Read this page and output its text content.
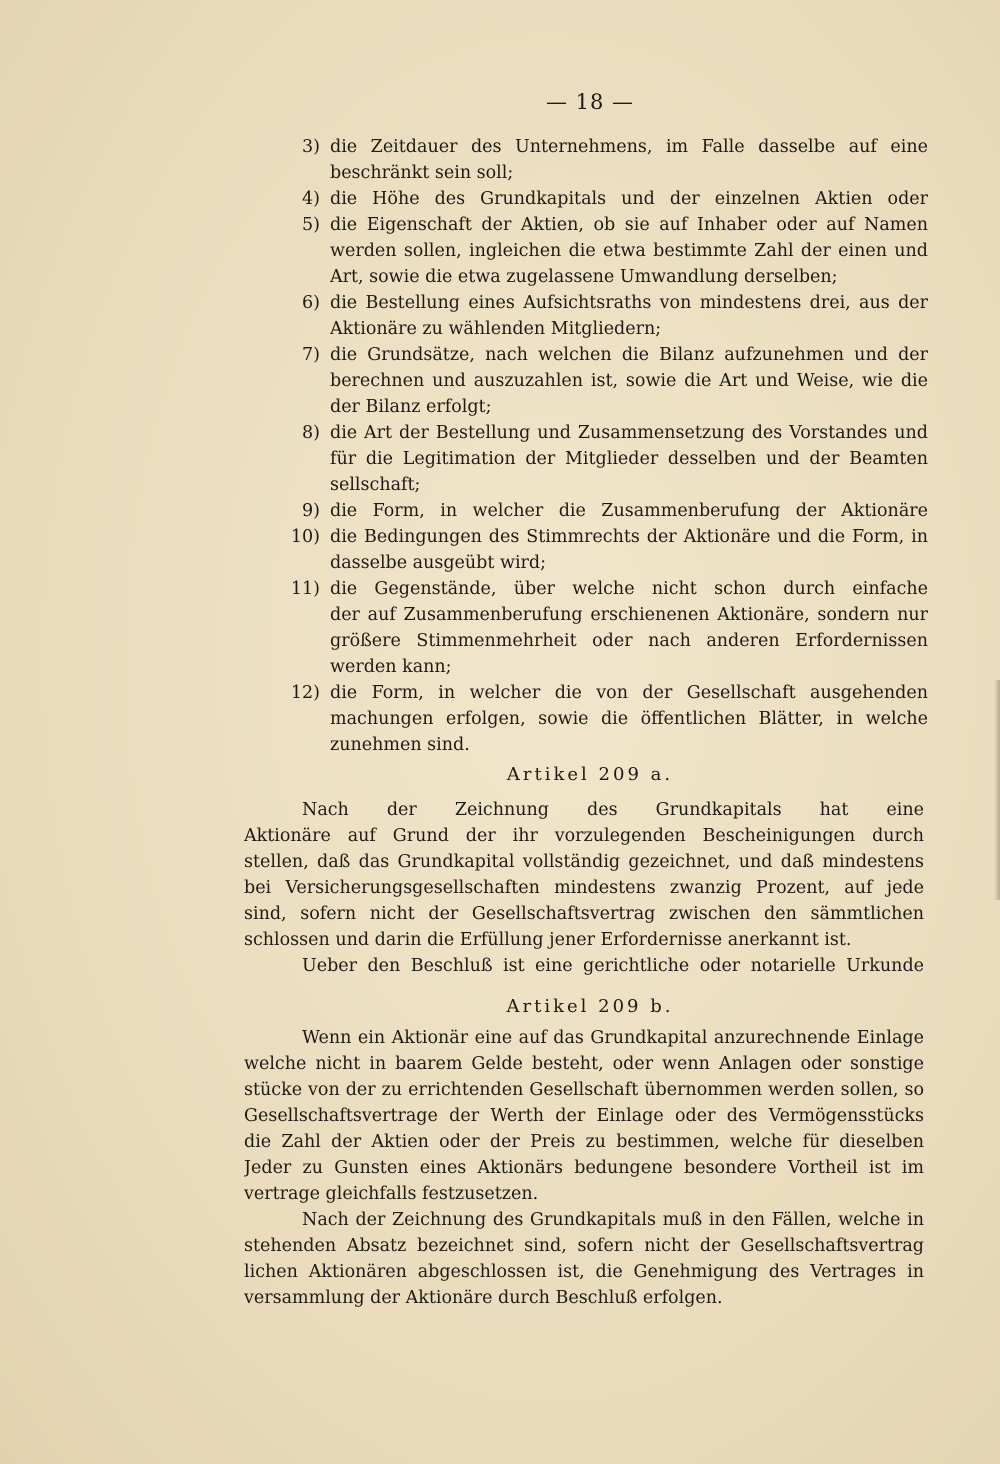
— 18 —
3) die Zeitdauer des Unternehmens, im Falle dasselbe auf eine
beschränkt sein soll;
4) die Höhe des Grundkapitals und der einzelnen Aktien oder
5) die Eigenschaft der Aktien, ob sie auf Inhaber oder auf Namen
werden sollen, ingleichen die etwa bestimmte Zahl der einen und
Art, sowie die etwa zugelassene Umwandlung derselben;
6) die Bestellung eines Aufsichtsraths von mindestens drei, aus der
Aktionäre zu wählenden Mitgliedern;
7) die Grundsätze, nach welchen die Bilanz aufzunehmen und der
berechnen und auszuzahlen ist, sowie die Art und Weise, wie die
der Bilanz erfolgt;
8) die Art der Bestellung und Zusammensetzung des Vorstandes und
für die Legitimation der Mitglieder desselben und der Beamten
sellschaft;
9) die Form, in welcher die Zusammenberufung der Aktionäre
10) die Bedingungen des Stimmrechts der Aktionäre und die Form, in
dasselbe ausgeübt wird;
11) die Gegenstände, über welche nicht schon durch einfache
der auf Zusammenberufung erschienenen Aktionäre, sondern nur
größere Stimmenmehrheit oder nach anderen Erfordernissen
werden kann;
12) die Form, in welcher die von der Gesellschaft ausgehenden
machungen erfolgen, sowie die öffentlichen Blätter, in welche
zunehmen sind.
Artikel 209 a.
Nach der Zeichnung des Grundkapitals hat eine
Aktionäre auf Grund der ihr vorzulegenden Bescheinigungen durch
stellen, daß das Grundkapital vollständig gezeichnet, und daß mindestens
bei Versicherungsgesellschaften mindestens zwanzig Prozent, auf jede
sind, sofern nicht der Gesellschaftsvertrag zwischen den sämmtlichen
schlossen und darin die Erfüllung jener Erfordernisse anerkannt ist.
Ueber den Beschluß ist eine gerichtliche oder notarielle Urkunde
Artikel 209 b.
Wenn ein Aktionär eine auf das Grundkapital anzurechnende Einlage
welche nicht in baarem Gelde besteht, oder wenn Anlagen oder sonstige
stücke von der zu errichtenden Gesellschaft übernommen werden sollen, so
Gesellschaftsvertrage der Werth der Einlage oder des Vermögensstücks
die Zahl der Aktien oder der Preis zu bestimmen, welche für dieselben
Jeder zu Gunsten eines Aktionärs bedungene besondere Vortheil ist im
vertrage gleichfalls festzusetzen.
Nach der Zeichnung des Grundkapitals muß in den Fällen, welche in
stehenden Absatz bezeichnet sind, sofern nicht der Gesellschaftsvertrag
lichen Aktionären abgeschlossen ist, die Genehmigung des Vertrages in
versammlung der Aktionäre durch Beschluß erfolgen.
